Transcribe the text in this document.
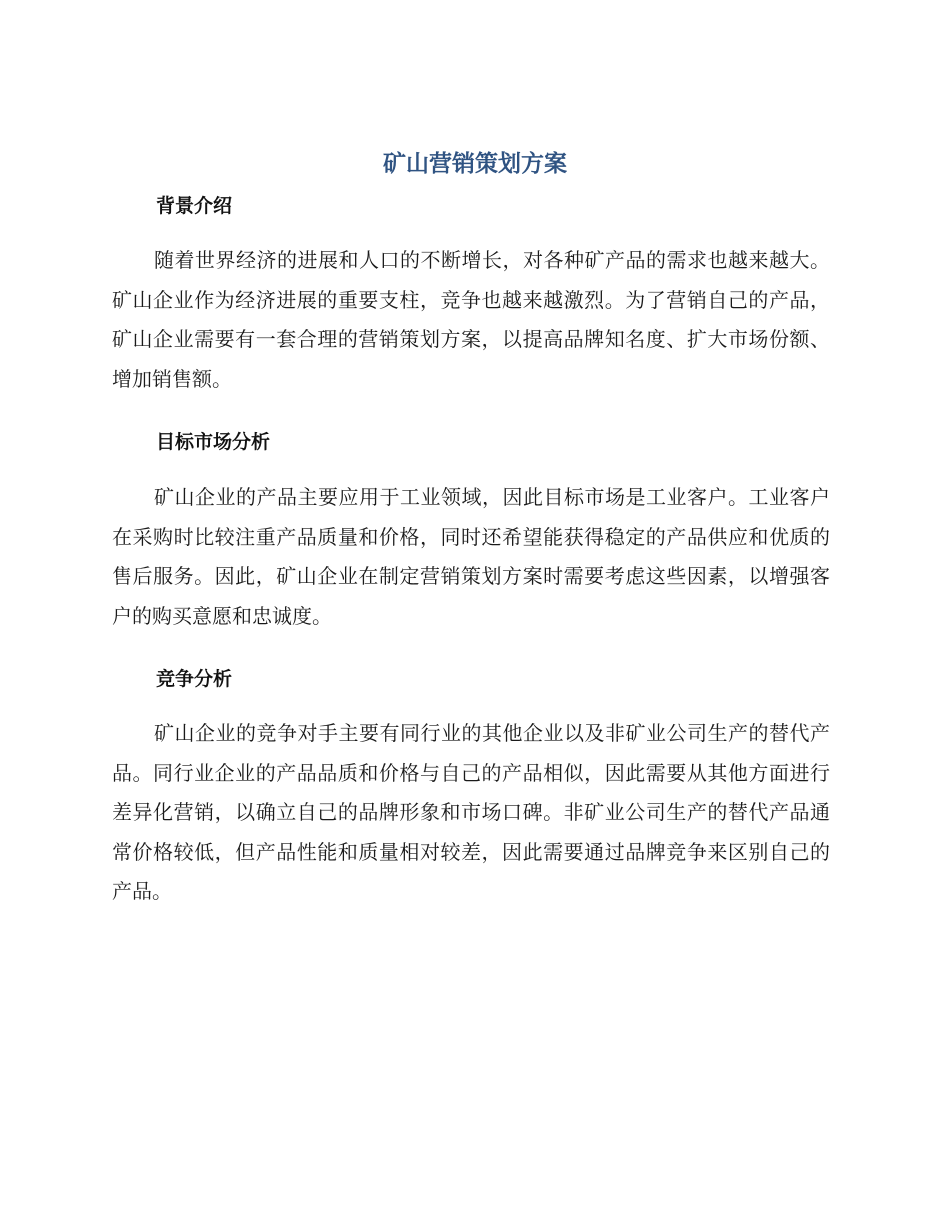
矿山营销策划方案
背景介绍

随着世界经济的进展和人口的不断增长，对各种矿产品的需求也越来越大。矿山企业作为经济进展的重要支柱，竞争也越来越激烈。为了营销自己的产品，矿山企业需要有一套合理的营销策划方案，以提高品牌知名度、扩大市场份额、增加销售额。

目标市场分析

矿山企业的产品主要应用于工业领域，因此目标市场是工业客户。工业客户在采购时比较注重产品质量和价格，同时还希望能获得稳定的产品供应和优质的售后服务。因此，矿山企业在制定营销策划方案时需要考虑这些因素，以增强客户的购买意愿和忠诚度。

竞争分析

矿山企业的竞争对手主要有同行业的其他企业以及非矿业公司生产的替代产品。同行业企业的产品品质和价格与自己的产品相似，因此需要从其他方面进行差异化营销，以确立自己的品牌形象和市场口碑。非矿业公司生产的替代产品通常价格较低，但产品性能和质量相对较差，因此需要通过品牌竞争来区别自己的产品。
